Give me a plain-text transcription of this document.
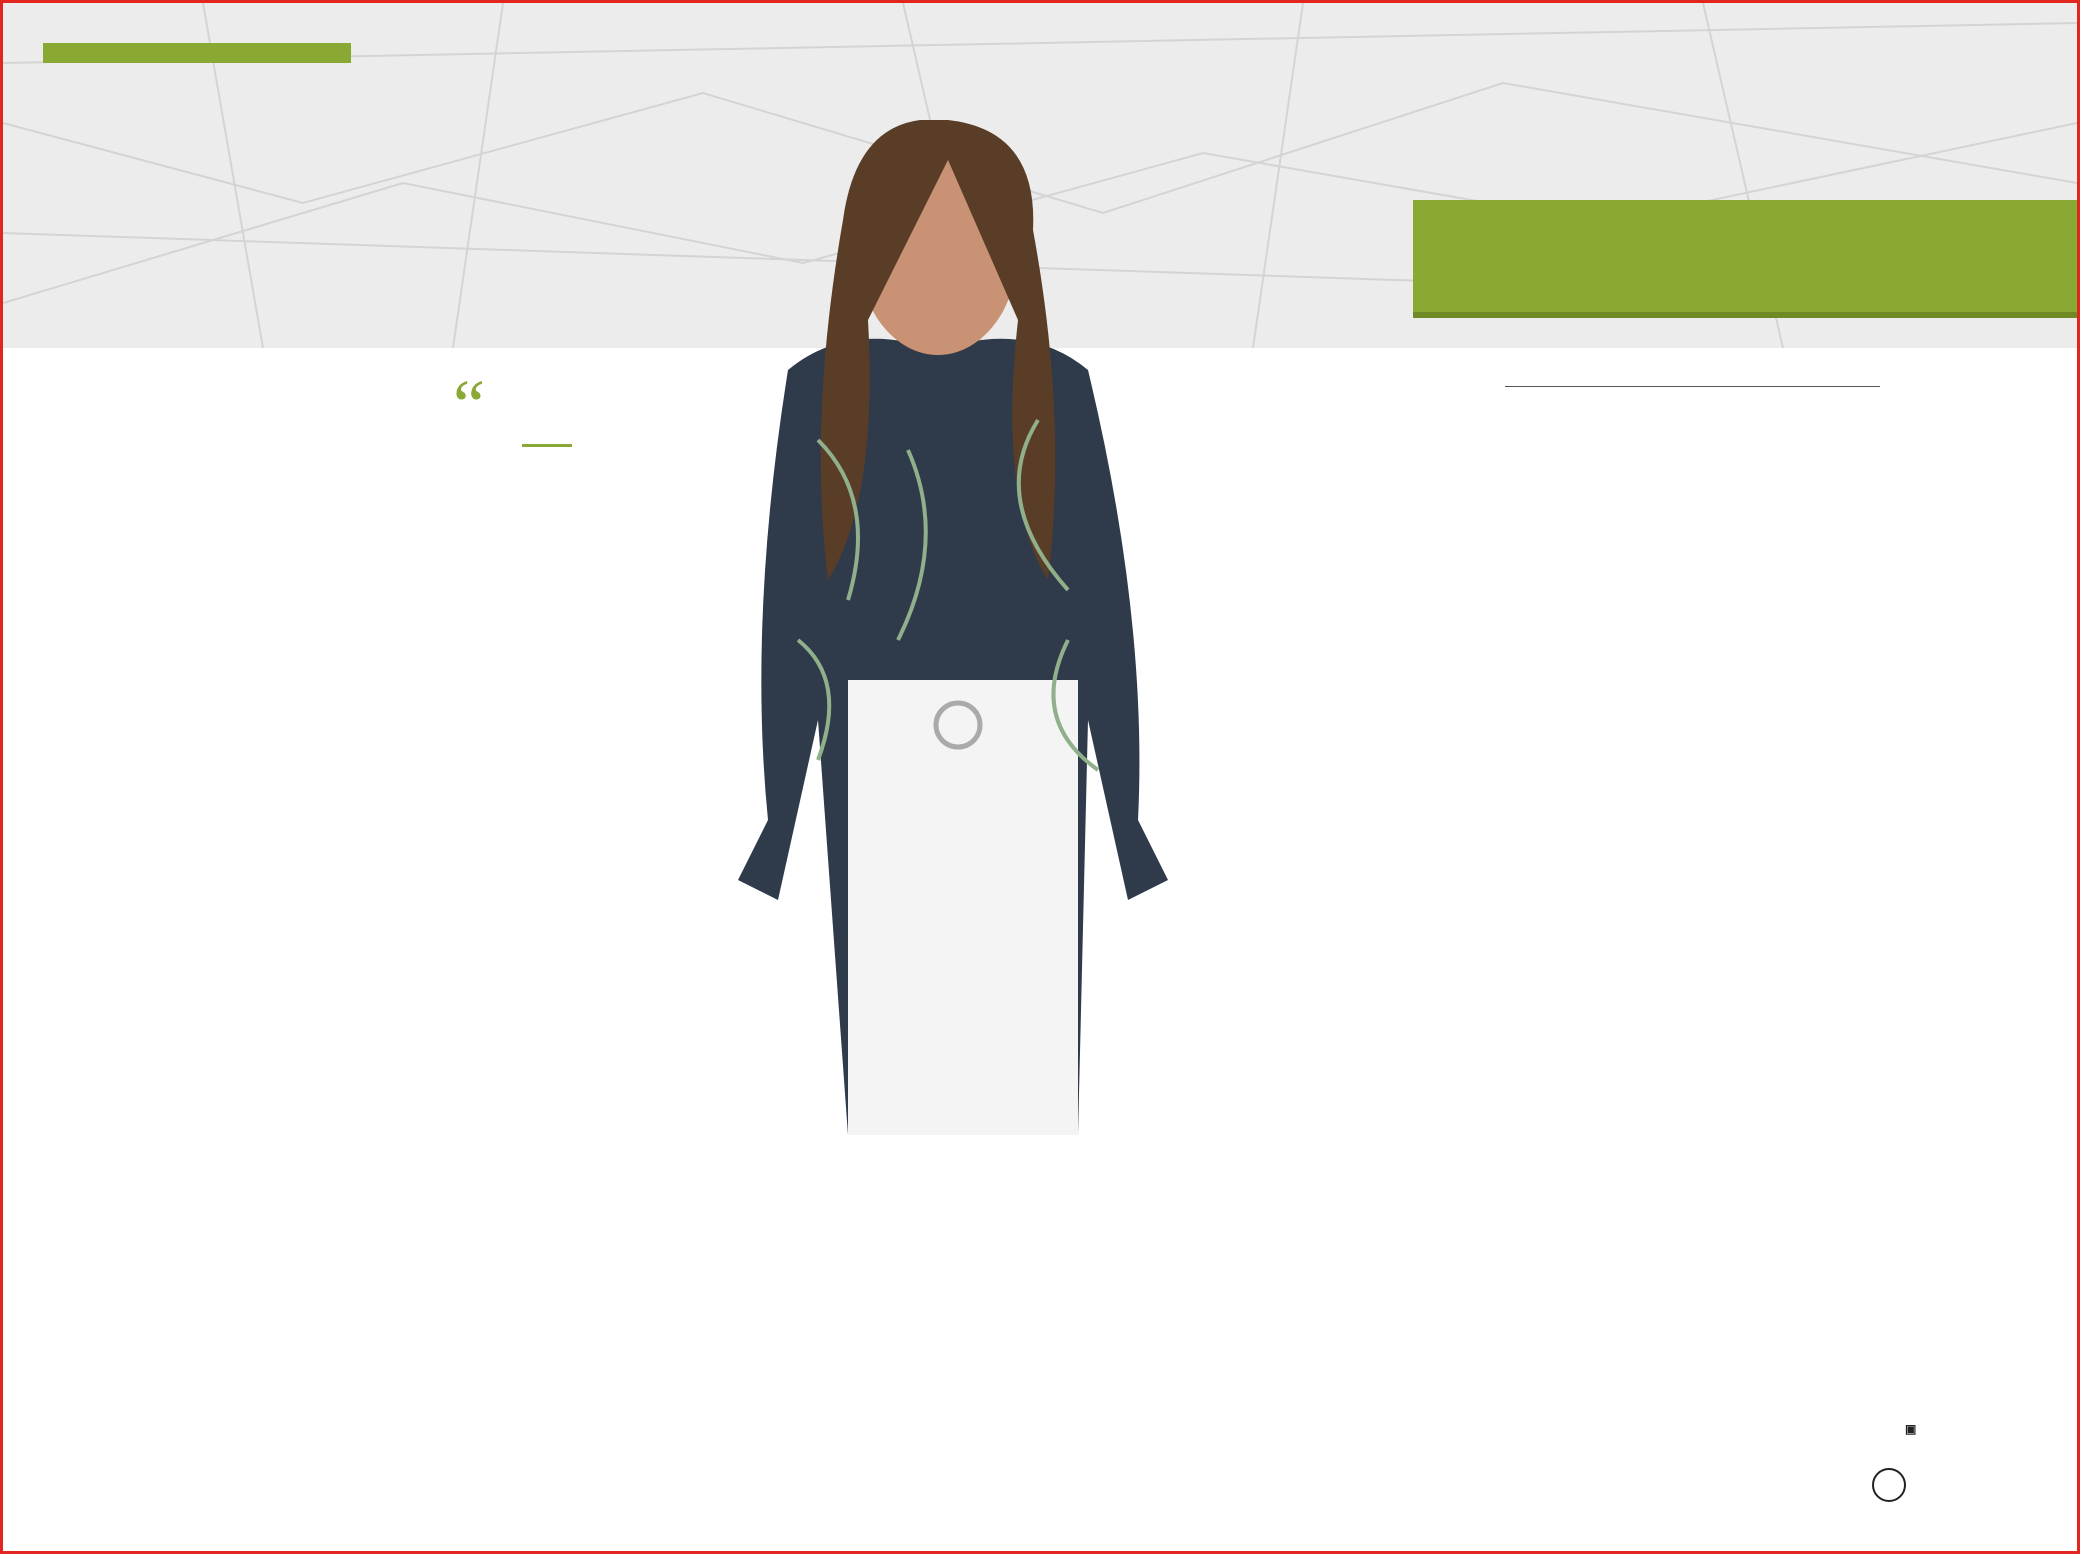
“

▣
